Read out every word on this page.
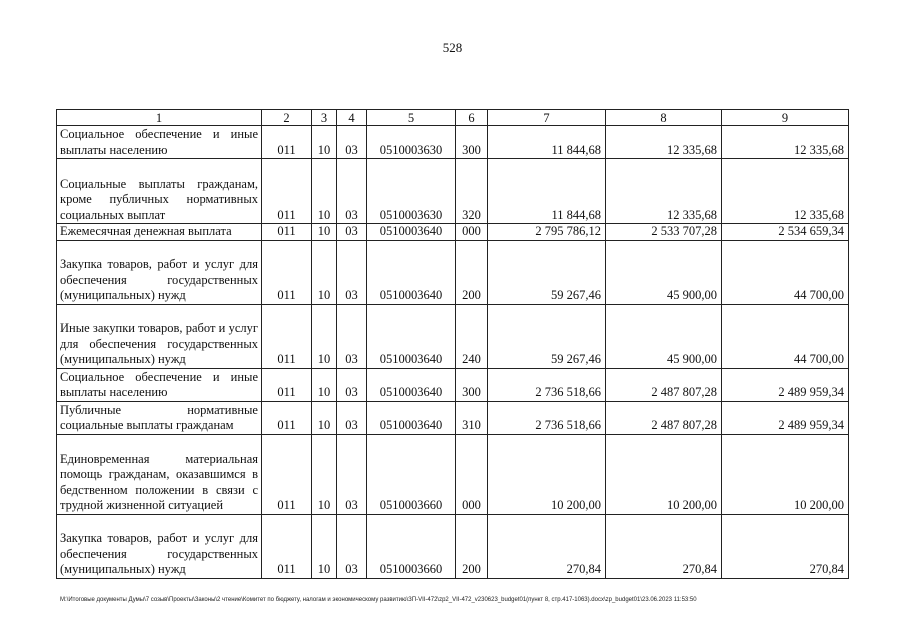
528
1	2	3	4	5	6	7	8	9
Социальное обеспечение и иные выплаты населению	011	10	03	0510003630	300	11 844,68	12 335,68	12 335,68
Социальные выплаты гражданам, кроме публичных нормативных социальных выплат	011	10	03	0510003630	320	11 844,68	12 335,68	12 335,68
Ежемесячная денежная выплата	011	10	03	0510003640	000	2 795 786,12	2 533 707,28	2 534 659,34
Закупка товаров, работ и услуг для обеспечения государственных (муниципальных) нужд	011	10	03	0510003640	200	59 267,46	45 900,00	44 700,00
Иные закупки товаров, работ и услуг для обеспечения государственных (муниципальных) нужд	011	10	03	0510003640	240	59 267,46	45 900,00	44 700,00
Социальное обеспечение и иные выплаты населению	011	10	03	0510003640	300	2 736 518,66	2 487 807,28	2 489 959,34
Публичные нормативные социальные выплаты гражданам	011	10	03	0510003640	310	2 736 518,66	2 487 807,28	2 489 959,34
Единовременная материальная помощь гражданам, оказавшимся в бедственном положении в связи с трудной жизненной ситуацией	011	10	03	0510003660	000	10 200,00	10 200,00	10 200,00
Закупка товаров, работ и услуг для обеспечения государственных (муниципальных) нужд	011	10	03	0510003660	200	270,84	270,84	270,84
M:\Итоговые документы Думы\7 созыв\Проекты\Законы\2 чтение\Комитет по бюджету, налогам и экономическому развитию\ЗП-VII-472\zp2_VII-472_v230623_budget01(пункт 8, стр.417-1063).docx\zp_budget01\23.06.2023 11:53:50
